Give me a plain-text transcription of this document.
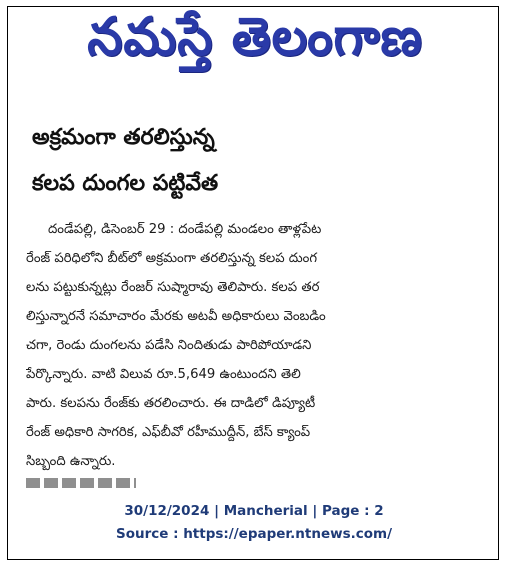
నమస్తే తెలంగాణ
అక్రమంగా తరలిస్తున్న
కలప దుంగల పట్టివేత
దండేపల్లి, డిసెంబర్ 29 : దండేపల్లి మండలం తాళ్లపేట
రేంజ్ పరిధిలోని బీట్‌లో అక్రమంగా తరలిస్తున్న కలప దుంగ
లను పట్టుకున్నట్లు రేంజర్ సుష్మారావు తెలిపారు. కలప తర
లిస్తున్నారనే సమాచారం మేరకు అటవీ అధికారులు వెంబడిం
చగా, రెండు దుంగలను పడేసి నిందితుడు పారిపోయాడని
పేర్కొన్నారు. వాటి విలువ రూ.5,649 ఉంటుందని తెలి
పారు. కలపను రేంజ్‌కు తరలించారు. ఈ దాడిలో డిప్యూటీ
రేంజ్ అధికారి సాగరిక, ఎఫ్‌బీవో రహీముద్దీన్, బేస్ క్యాంప్
సిబ్బంది ఉన్నారు.
30/12/2024 | Mancherial | Page : 2
Source : https://epaper.ntnews.com/
